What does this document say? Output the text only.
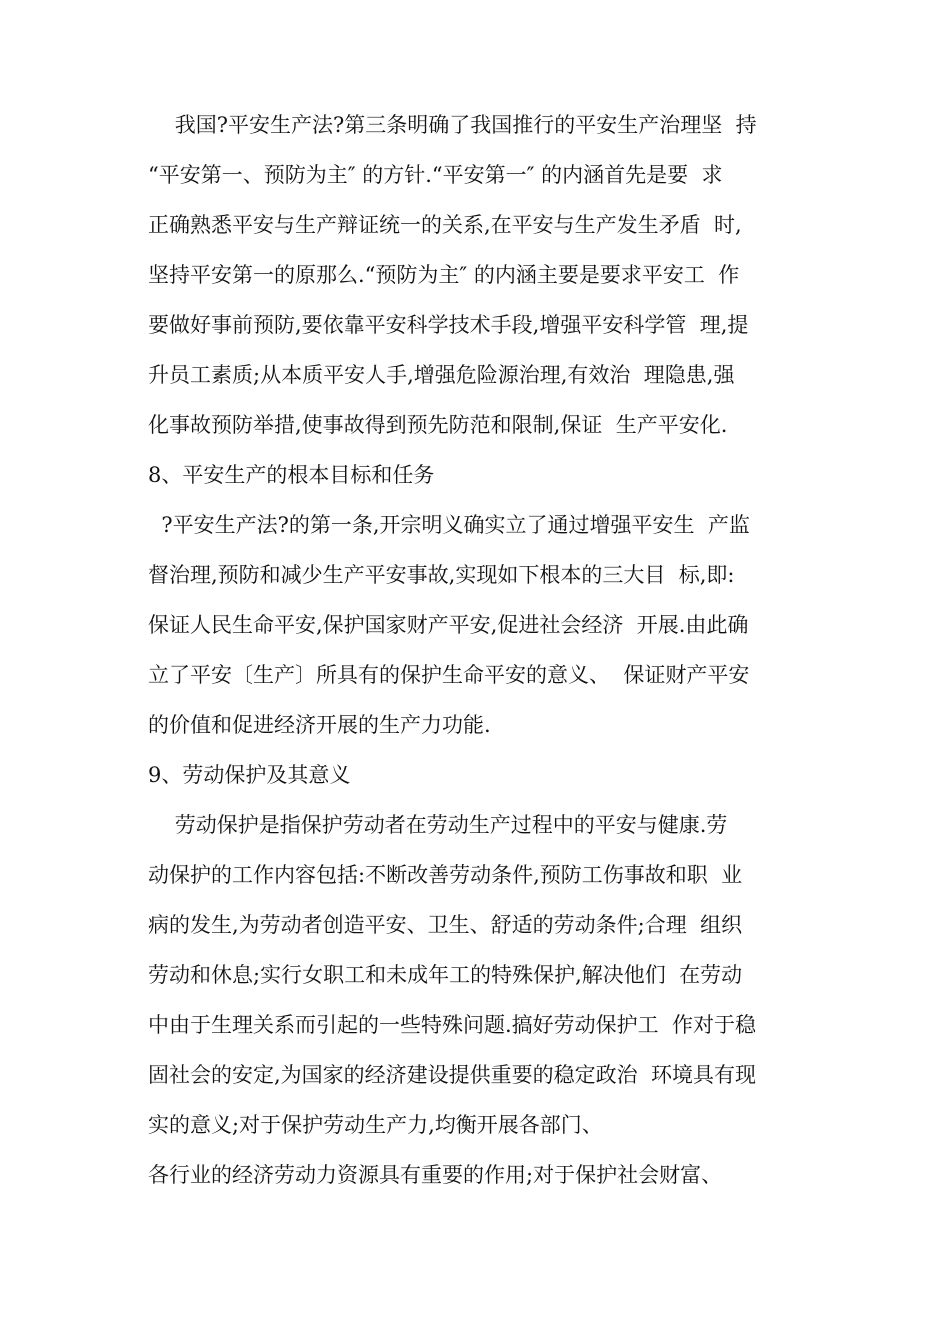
我国?平安生产法?第三条明确了我国推行的平安生产治理坚  持
“平安第一、预防为主″ 的方针.“平安第一″ 的内涵首先是要  求
正确熟悉平安与生产辩证统一的关系,在平安与生产发生矛盾  时,
坚持平安第一的原那么.“预防为主″ 的内涵主要是要求平安工  作
要做好事前预防,要依靠平安科学技术手段,增强平安科学管  理,提
升员工素质;从本质平安人手,增强危险源治理,有效治  理隐患,强
化事故预防举措,使事故得到预先防范和限制,保证  生产平安化.
8、平安生产的根本目标和任务
?平安生产法?的第一条,开宗明义确实立了通过增强平安生  产监
督治理,预防和减少生产平安事故,实现如下根本的三大目  标,即:
保证人民生命平安,保护国家财产平安,促进社会经济  开展.由此确
立了平安〔生产〕所具有的保护生命平安的意义、  保证财产平安
的价值和促进经济开展的生产力功能.
9、劳动保护及其意义
劳动保护是指保护劳动者在劳动生产过程中的平安与健康.劳
动保护的工作内容包括:不断改善劳动条件,预防工伤事故和职  业
病的发生,为劳动者创造平安、卫生、舒适的劳动条件;合理  组织
劳动和休息;实行女职工和未成年工的特殊保护,解决他们  在劳动
中由于生理关系而引起的一些特殊问题.搞好劳动保护工  作对于稳
固社会的安定,为国家的经济建设提供重要的稳定政治  环境具有现
实的意义;对于保护劳动生产力,均衡开展各部门、
各行业的经济劳动力资源具有重要的作用;对于保护社会财富、
